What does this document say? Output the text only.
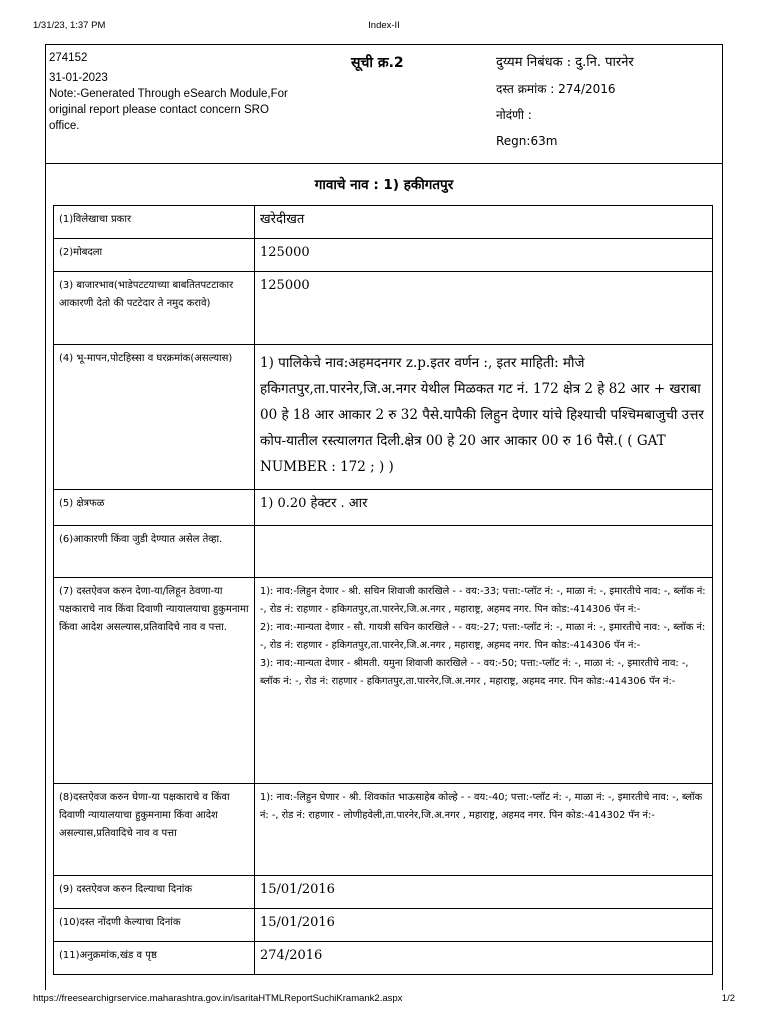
1/31/23, 1:37 PM	Index-II
274152
31-01-2023
Note:-Generated Through eSearch Module,For original report please contact concern SRO office.
सूची क्र.2	दुय्यम निबंधक : दु.नि. पारनेर
दस्त क्रमांक : 274/2016
नोदंणी :
Regn:63m
गावाचे नाव : 1) हकीगतपुर
(1)विलेखाचा प्रकार	खरेदीखत
(2)मोबदला	125000
(3) बाजारभाव(भाडेपटटयाच्या बाबतितपटटाकार आकारणी देतो की पटटेदार ते नमुद करावे)	125000
(4) भू-मापन,पोटहिस्सा व घरक्रमांक(असल्यास)	1) पालिकेचे नाव:अहमदनगर z.p.इतर वर्णन :, इतर माहिती: मौजे हकिगतपुर,ता.पारनेर,जि.अ.नगर येथील मिळकत गट नं. 172 क्षेत्र 2 हे 82 आर + खराबा 00 हे 18 आर आकार 2 रु 32 पैसे.यापैकी लिहुन देणार यांचे हिश्याची पश्चिमबाजुची उत्तर कोप-यातील रस्त्यालगत दिली.क्षेत्र 00 हे 20 आर आकार 00 रु 16 पैसे.( ( GAT NUMBER : 172 ; ) )
(5) क्षेत्रफळ	1) 0.20 हेक्टर . आर
(6)आकारणी किंवा जुडी देण्यात असेल तेव्हा.	
(7) दस्तऐवज करुन देणा-या/लिहून ठेवणा-या पक्षकाराचे नाव किंवा दिवाणी न्यायालयाचा हुकुमनामा किंवा आदेश असल्यास,प्रतिवादिचे नाव व पत्ता.	1): नाव:-लिहुन देणार - श्री. सचिन शिवाजी कारखिले - - वय:-33; पत्ता:-प्लॉट नं: -, माळा नं: -, इमारतीचे नाव: -, ब्लॉक नं: -, रोड नं: राहणार - हकिगतपुर,ता.पारनेर,जि.अ.नगर , महाराष्ट्र, अहमद नगर. पिन कोड:-414306 पॅन नं:-
2): नाव:-मान्यता देणार - सौ. गायत्री सचिन कारखिले - - वय:-27; पत्ता:-प्लॉट नं: -, माळा नं: -, इमारतीचे नाव: -, ब्लॉक नं: -, रोड नं: राहणार - हकिगतपुर,ता.पारनेर,जि.अ.नगर , महाराष्ट्र, अहमद नगर. पिन कोड:-414306 पॅन नं:-
3): नाव:-मान्यता देणार - श्रीमती. यमुना शिवाजी कारखिले - - वय:-50; पत्ता:-प्लॉट नं: -, माळा नं: -, इमारतीचे नाव: -, ब्लॉक नं: -, रोड नं: राहणार - हकिगतपुर,ता.पारनेर,जि.अ.नगर , महाराष्ट्र, अहमद नगर. पिन कोड:-414306 पॅन नं:-
(8)दस्तऐवज करुन घेणा-या पक्षकाराचे व किंवा दिवाणी न्यायालयाचा हुकुमनामा किंवा आदेश असल्यास,प्रतिवादिचे नाव व पत्ता	1): नाव:-लिहुन घेणार - श्री. शिवकांत भाऊसाहेब कोल्हे - - वय:-40; पत्ता:-प्लॉट नं: -, माळा नं: -, इमारतीचे नाव: -, ब्लॉक नं: -, रोड नं: राहणार - लोणीहवेली,ता.पारनेर,जि.अ.नगर , महाराष्ट्र, अहमद नगर. पिन कोड:-414302 पॅन नं:-
(9) दस्तऐवज करुन दिल्याचा दिनांक	15/01/2016
(10)दस्त नोंदणी केल्याचा दिनांक	15/01/2016
(11)अनुक्रमांक,खंड व पृष्ठ	274/2016
https://freesearchigrservice.maharashtra.gov.in/isaritaHTMLReportSuchiKramank2.aspx	1/2
